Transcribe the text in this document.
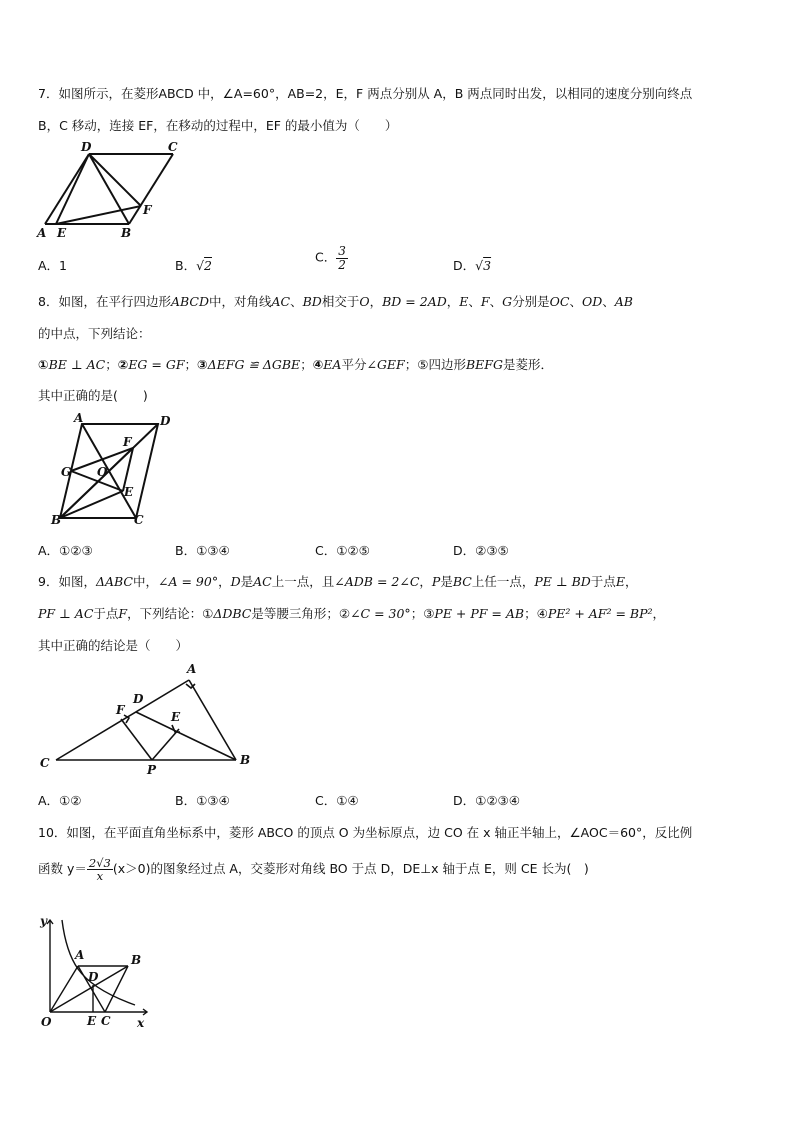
7．如图所示，在菱形ABCD 中，∠A=60°，AB=2，E，F 两点分别从 A，B 两点同时出发，以相同的速度分别向终点
B，C 移动，连接 EF，在移动的过程中，EF 的最小值为（　　）
A E	B
F
D	C
A．1	B．√2
C． $\frac{3}{2}$	D．√3
8．如图，在平行四边形ABCD中，对角线AC、BD相交于O，BD = 2AD，E、F、G分别是OC、OD、AB
的中点，下列结论：
①BE ⊥ AC；②EG = GF；③ΔEFG ≌ ΔGBE；④EA平分∠GEF；⑤四边形BEFG是菱形．
其中正确的是(　　)
A	D
F
G O
E
B	C
A．①②③	B．①③④	C．①②⑤	D．②③⑤
9．如图，ΔABC中，∠A = 90°，D是AC上一点，且∠ADB = 2∠C，P是BC上任一点，PE ⊥ BD于点E，
PF ⊥ AC于点F，下列结论：①ΔDBC是等腰三角形；②∠C = 30°；③PE + PF = AB；④PE² + AF² = BP²，
其中正确的结论是（　　）
A
D
F	E
C	P
B
A．①②	B．①③④	C．①④	D．①②③④
10．如图，在平面直角坐标系中，菱形 ABCO 的顶点 O 为坐标原点，边 CO 在 x 轴正半轴上，∠AOC＝60°，反比例
函数 $y= \frac{2√3}{x} (x>0)$的图象经过点 A，交菱形对角线 BO 于点 D，DE⊥x 轴于点 E，则 CE 长为(　)
y
A	B
D
O	E C x
